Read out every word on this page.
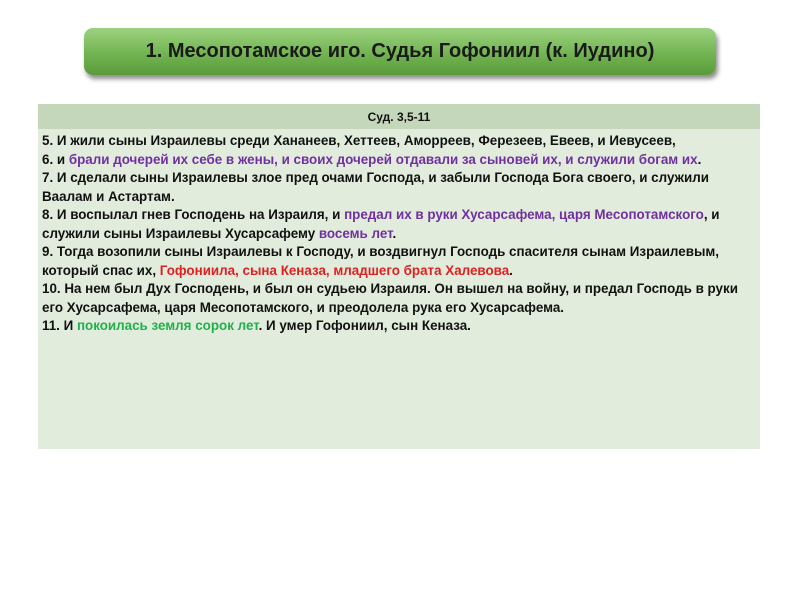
1. Месопотамское иго. Судья Гофониил (к. Иудино)
Суд. 3,5-11

5. И жили сыны Израилевы среди Хананеев, Хеттеев, Аморреев, Ферезеев, Евеев, и Иевусеев,

6. и брали дочерей их себе в жены, и своих дочерей отдавали за сыновей их, и служили богам их.

7. И сделали сыны Израилевы злое пред очами Господа, и забыли Господа Бога своего, и служили Ваалам и Астартам.

8. И воспылал гнев Господень на Израиля, и предал их в руки Хусарсафема, царя Месопотамского, и служили сыны Израилевы Хусарсафему восемь лет.

9. Тогда возопили сыны Израилевы к Господу, и воздвигнул Господь спасителя сынам Израилевым, который спас их, Гофониила, сына Кеназа, младшего брата Халевова.

10. На нем был Дух Господень, и был он судьею Израиля. Он вышел на войну, и предал Господь в руки его Хусарсафема, царя Месопотамского, и преодолела рука его Хусарсафема.

11. И покоилась земля сорок лет. И умер Гофониил, сын Кеназа.
